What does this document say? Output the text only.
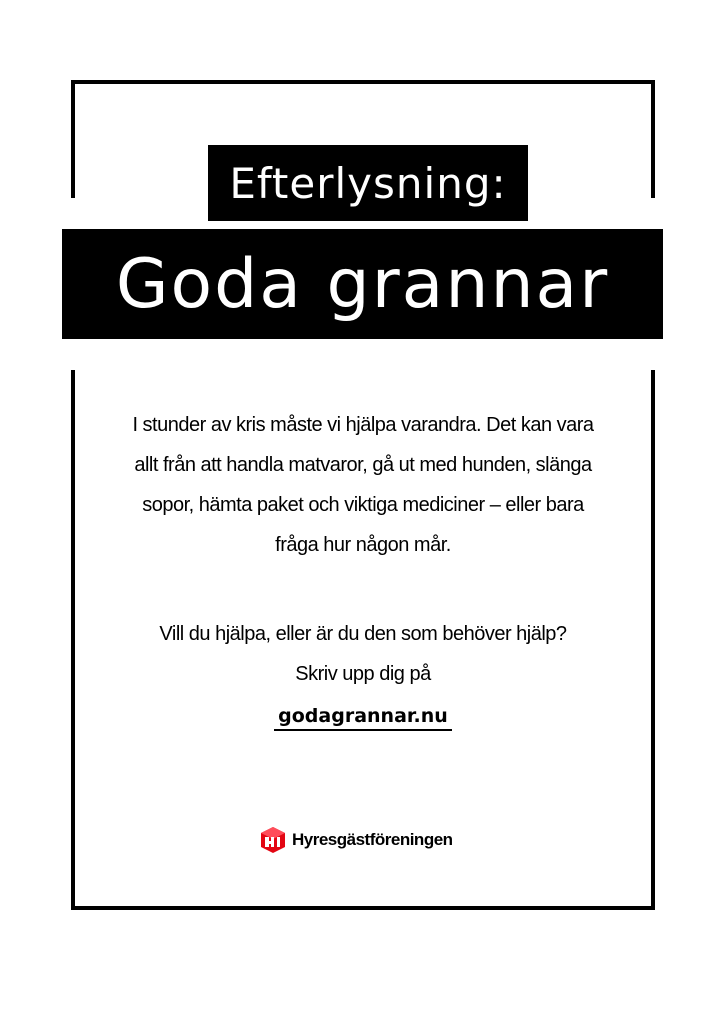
Efterlysning:
Goda grannar

I stunder av kris måste vi hjälpa varandra. Det kan vara

allt från att handla matvaror, gå ut med hunden, slänga

sopor, hämta paket och viktiga mediciner – eller bara

fråga hur någon mår.

Vill du hjälpa, eller är du den som behöver hjälp?

Skriv upp dig på

godagrannar.nu
Hyresgästföreningen
